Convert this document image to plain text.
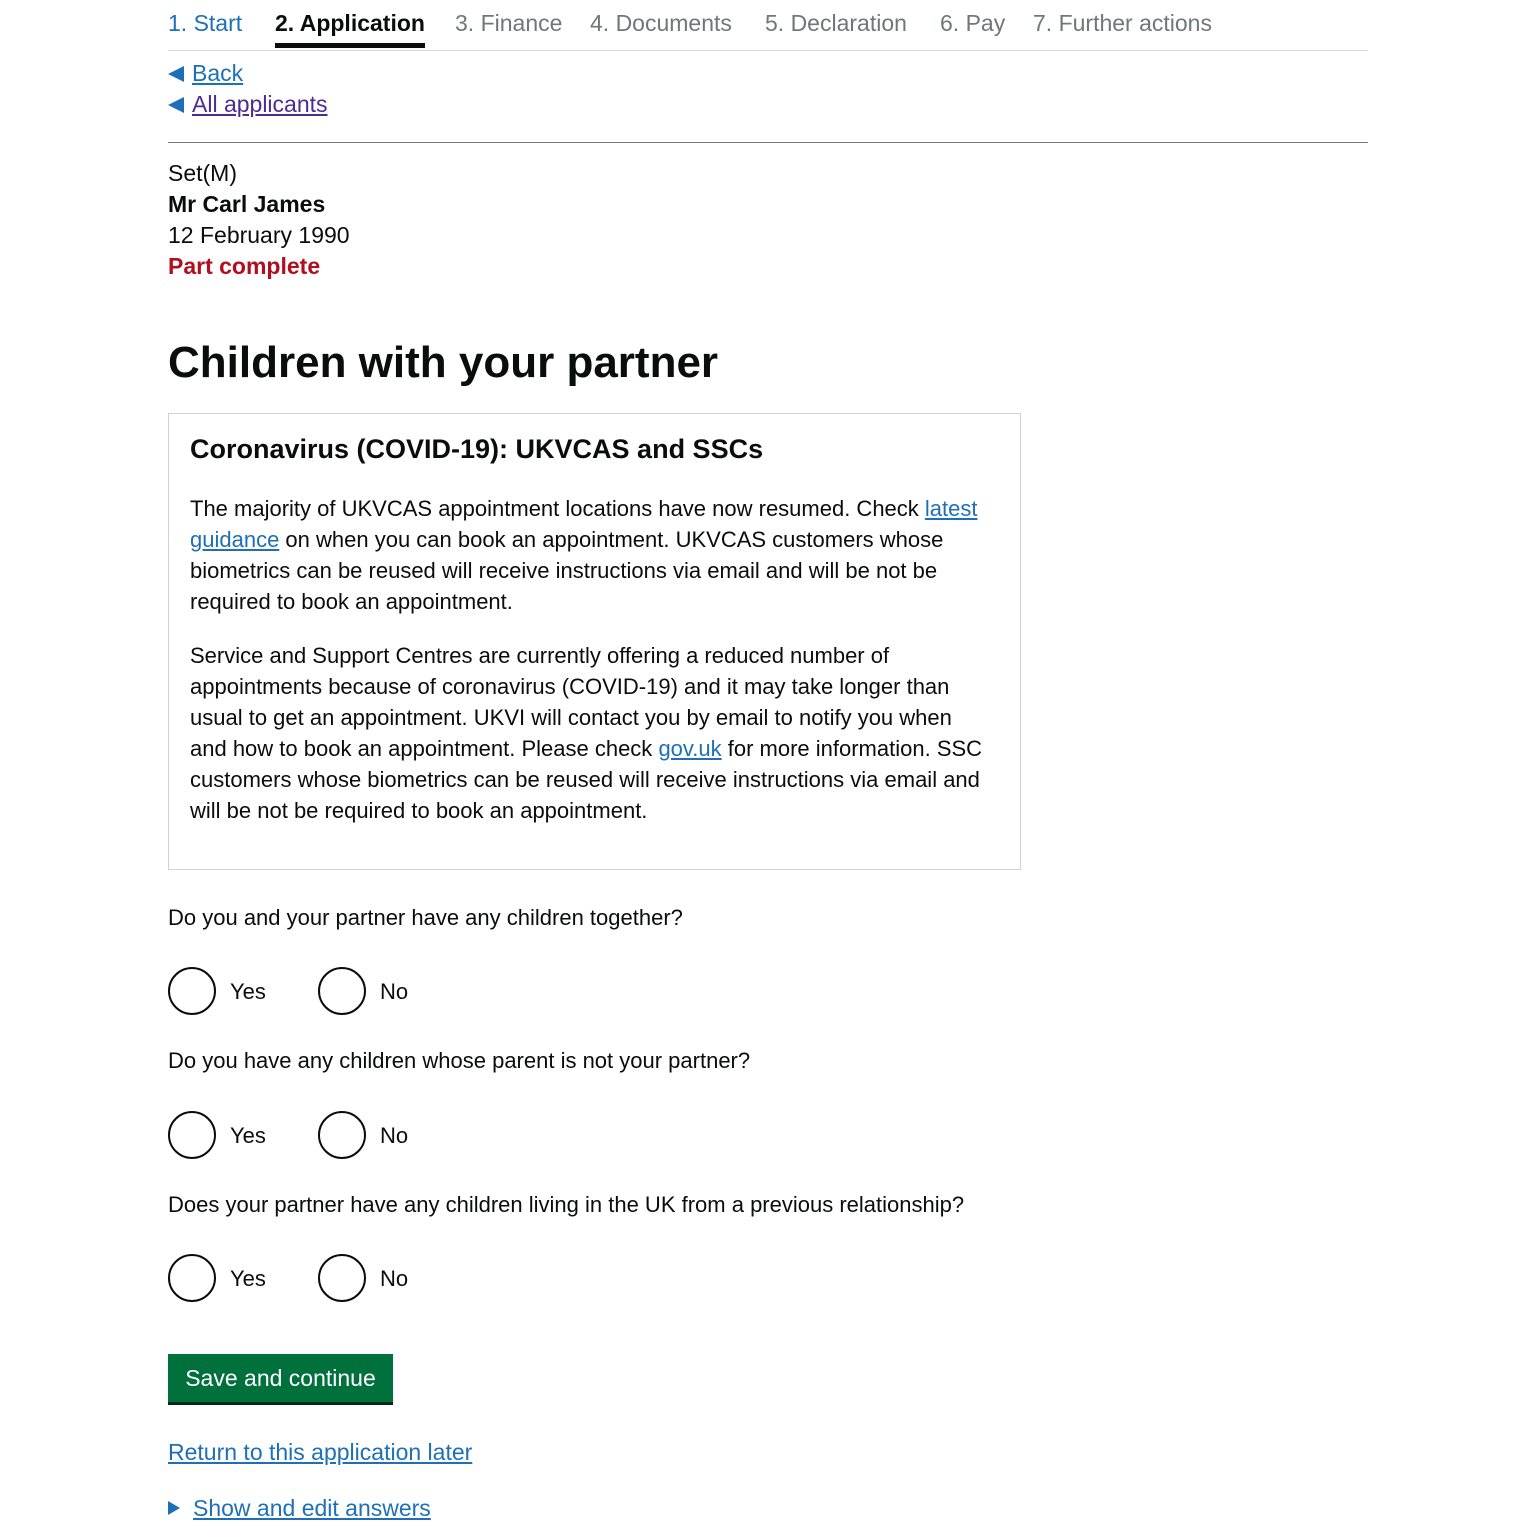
1. Start 2. Application 3. Finance 4. Documents 5. Declaration 6. Pay 7. Further actions
Back
All applicants
Set(M)
Mr Carl James
12 February 1990
Part complete
Children with your partner
Coronavirus (COVID-19): UKVCAS and SSCs

The majority of UKVCAS appointment locations have now resumed. Check latest guidance on when you can book an appointment. UKVCAS customers whose biometrics can be reused will receive instructions via email and will be not be required to book an appointment.

Service and Support Centres are currently offering a reduced number of appointments because of coronavirus (COVID-19) and it may take longer than usual to get an appointment. UKVI will contact you by email to notify you when and how to book an appointment. Please check gov.uk for more information. SSC customers whose biometrics can be reused will receive instructions via email and will be not be required to book an appointment.

Do you and your partner have any children together?
Yes	No
Do you have any children whose parent is not your partner?
Yes	No
Does your partner have any children living in the UK from a previous relationship?
Yes	No
Save and continue
Return to this application later
Show and edit answers
